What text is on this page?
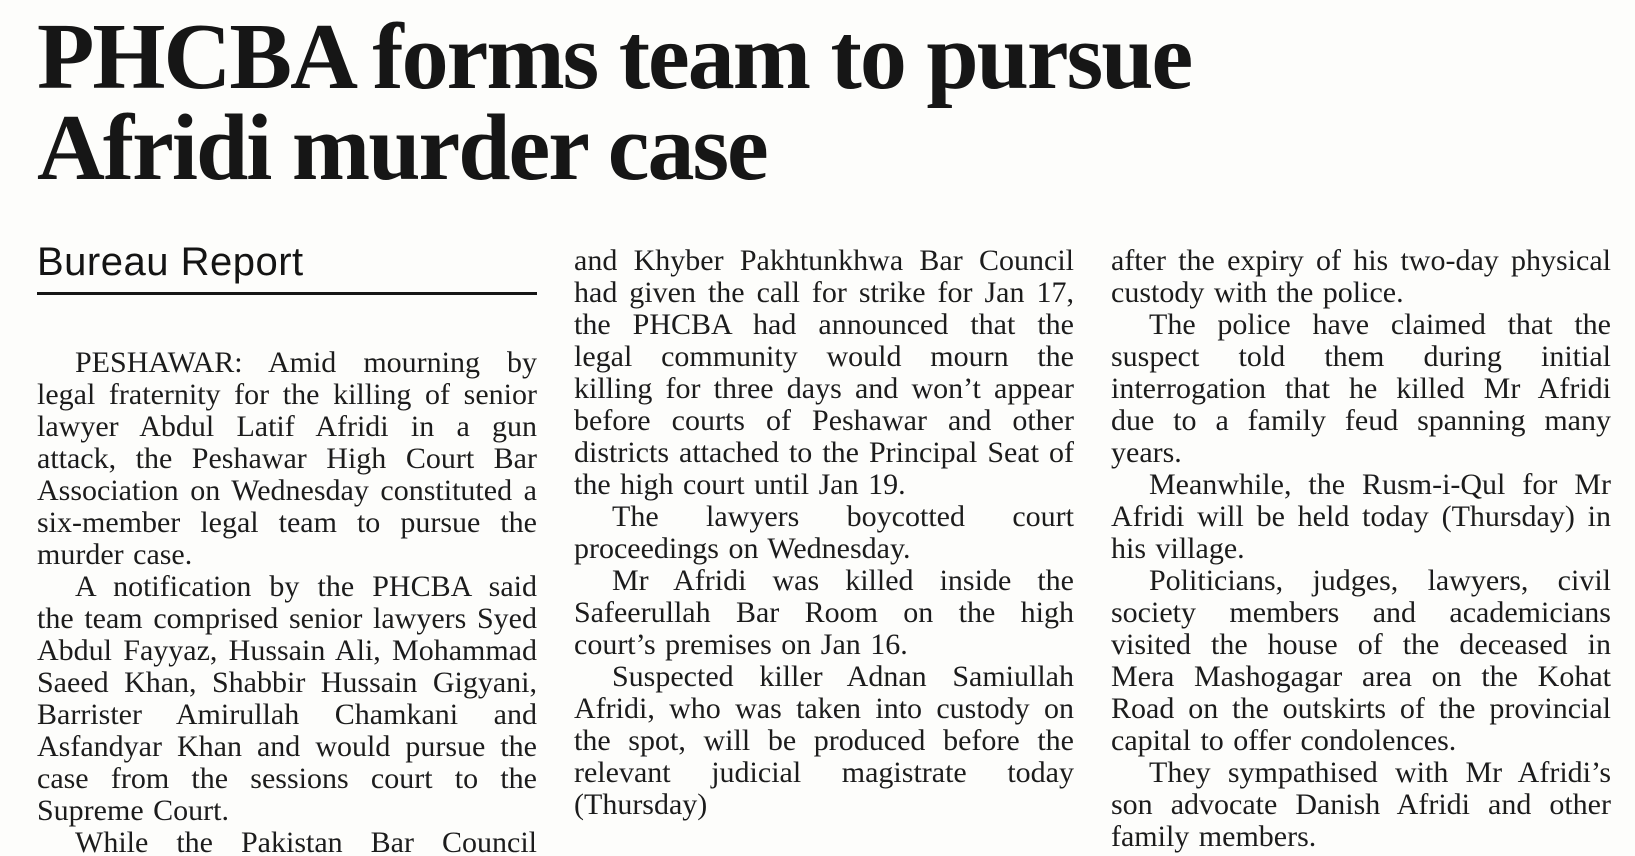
PHCBA forms team to pursue
Afridi murder case
Bureau Report

PESHAWAR: Amid mourning by legal fraternity for the killing of senior lawyer Abdul Latif Afridi in a gun attack, the Peshawar High Court Bar Association on Wednesday constituted a six-member legal team to pursue the murder case.

A notification by the PHCBA said the team comprised senior lawyers Syed Abdul Fayyaz, Hussain Ali, Mohammad Saeed Khan, Shabbir Hussain Gigyani, Barrister Amirullah Chamkani and Asfandyar Khan and would pursue the case from the sessions court to the Supreme Court.

While the Pakistan Bar Council

and Khyber Pakhtunkhwa Bar Council had given the call for strike for Jan 17, the PHCBA had announced that the legal community would mourn the killing for three days and won’t appear before courts of Peshawar and other districts attached to the Principal Seat of the high court until Jan 19.

The lawyers boycotted court proceedings on Wednesday.

Mr Afridi was killed inside the Safeerullah Bar Room on the high court’s premises on Jan 16.

Suspected killer Adnan Samiullah Afridi, who was taken into custody on the spot, will be produced before the relevant judicial magistrate today (Thursday)

after the expiry of his two-day physical custody with the police.

The police have claimed that the suspect told them during initial interrogation that he killed Mr Afridi due to a family feud spanning many years.

Meanwhile, the Rusm-i-Qul for Mr Afridi will be held today (Thursday) in his village.

Politicians, judges, lawyers, civil society members and academicians visited the house of the deceased in Mera Mashogagar area on the Kohat Road on the outskirts of the provincial capital to offer condolences.

They sympathised with Mr Afridi’s son advocate Danish Afridi and other family members.
